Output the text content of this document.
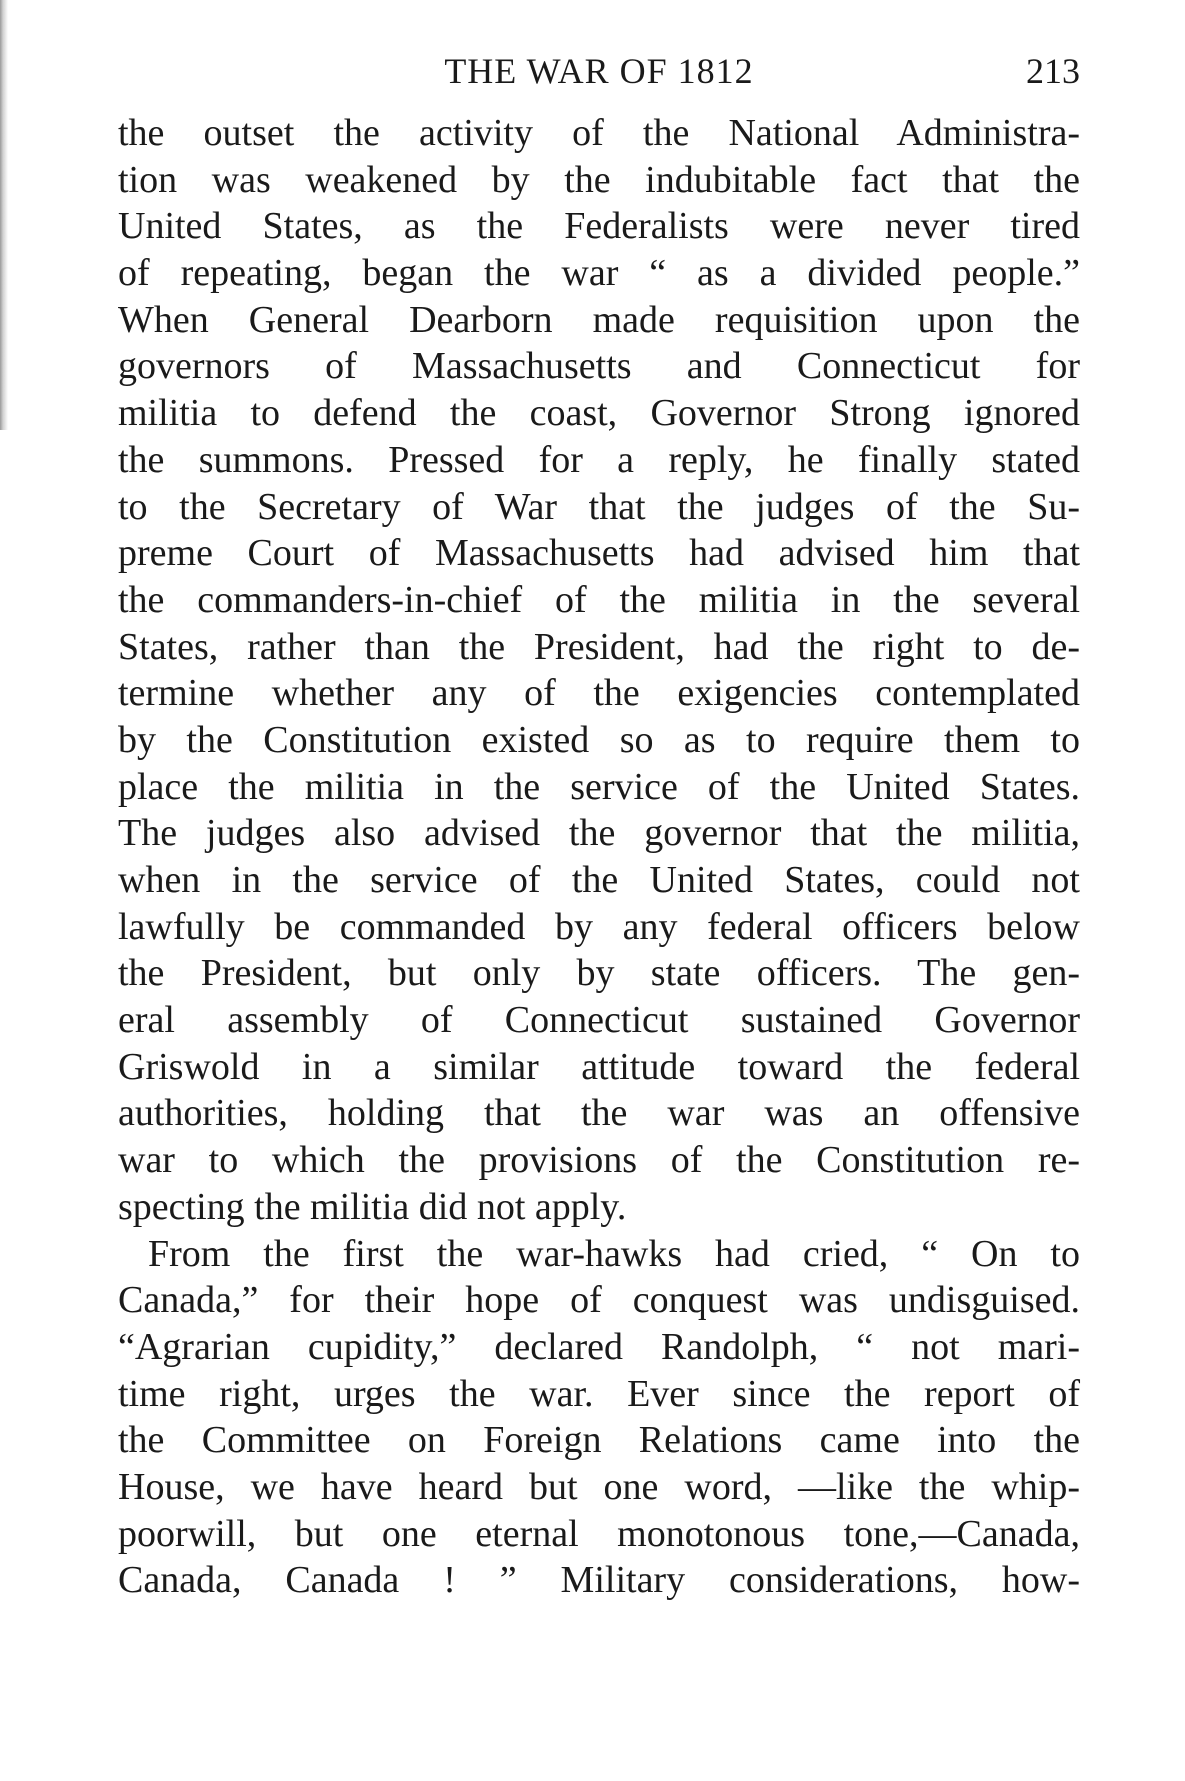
THE WAR OF 1812	213
the outset the activity of the National Administra-
tion was weakened by the indubitable fact that the
United States, as the Federalists were never tired
of repeating, began the war “ as a divided people.”
When General Dearborn made requisition upon the
governors of Massachusetts and Connecticut for
militia to defend the coast, Governor Strong ignored
the summons. Pressed for a reply, he finally stated
to the Secretary of War that the judges of the Su-
preme Court of Massachusetts had advised him that
the commanders-in-chief of the militia in the several
States, rather than the President, had the right to de-
termine whether any of the exigencies contemplated
by the Constitution existed so as to require them to
place the militia in the service of the United States.
The judges also advised the governor that the militia,
when in the service of the United States, could not
lawfully be commanded by any federal officers below
the President, but only by state officers. The gen-
eral assembly of Connecticut sustained Governor
Griswold in a similar attitude toward the federal
authorities, holding that the war was an offensive
war to which the provisions of the Constitution re-
specting the militia did not apply.
From the first the war-hawks had cried, “ On to
Canada,” for their hope of conquest was undisguised.
“Agrarian cupidity,” declared Randolph, “ not mari-
time right, urges the war. Ever since the report of
the Committee on Foreign Relations came into the
House, we have heard but one word, —like the whip-
poorwill, but one eternal monotonous tone,—Canada,
Canada, Canada ! ” Military considerations, how-
